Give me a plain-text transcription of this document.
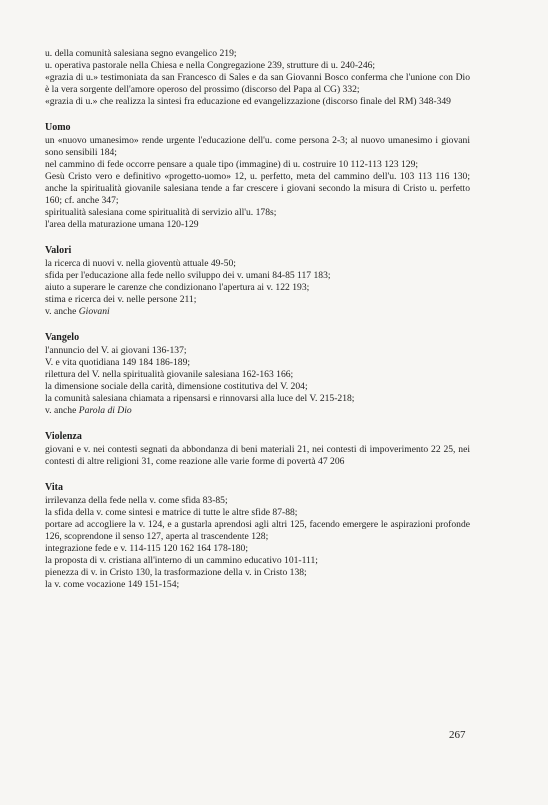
u. della comunità salesiana segno evangelico 219;

u. operativa pastorale nella Chiesa e nella Congregazione 239, strutture di u. 240-246;

«grazia di u.» testimoniata da san Francesco di Sales e da san Giovanni Bosco conferma che l'unione con Dio è la vera sorgente dell'amore operoso del prossimo (discorso del Papa al CG) 332;

«grazia di u.» che realizza la sintesi fra educazione ed evangelizzazione (discorso finale del RM) 348-349

Uomo

un «nuovo umanesimo» rende urgente l'educazione dell'u. come persona 2-3; al nuovo umanesimo i giovani sono sensibili 184;

nel cammino di fede occorre pensare a quale tipo (immagine) di u. costruire 10 112-113 123 129;

Gesù Cristo vero e definitivo «progetto-uomo» 12, u. perfetto, meta del cammino dell'u. 103 113 116 130; anche la spiritualità giovanile salesiana tende a far crescere i giovani secondo la misura di Cristo u. perfetto 160; cf. anche 347;

spiritualità salesiana come spiritualità di servizio all'u. 178s;

l'area della maturazione umana 120-129

Valori

la ricerca di nuovi v. nella gioventù attuale 49-50;

sfida per l'educazione alla fede nello sviluppo dei v. umani 84-85 117 183;

aiuto a superare le carenze che condizionano l'apertura ai v. 122 193;

stima e ricerca dei v. nelle persone 211;

v. anche Giovani

Vangelo

l'annuncio del V. ai giovani 136-137;

V. e vita quotidiana 149 184 186-189;

rilettura del V. nella spiritualità giovanile salesiana 162-163 166;

la dimensione sociale della carità, dimensione costitutiva del V. 204;

la comunità salesiana chiamata a ripensarsi e rinnovarsi alla luce del V. 215-218;

v. anche Parola di Dio

Violenza

giovani e v. nei contesti segnati da abbondanza di beni materiali 21, nei contesti di impoverimento 22 25, nei contesti di altre religioni 31, come reazione alle varie forme di povertà 47 206

Vita

irrilevanza della fede nella v. come sfida 83-85;

la sfida della v. come sintesi e matrice di tutte le altre sfide 87-88;

portare ad accogliere la v. 124, e a gustarla aprendosi agli altri 125, facendo emergere le aspirazioni profonde 126, scoprendone il senso 127, aperta al trascendente 128;

integrazione fede e v. 114-115 120 162 164 178-180;

la proposta di v. cristiana all'interno di un cammino educativo 101-111;

pienezza di v. in Cristo 130, la trasformazione della v. in Cristo 138;

la v. come vocazione 149 151-154;

267
